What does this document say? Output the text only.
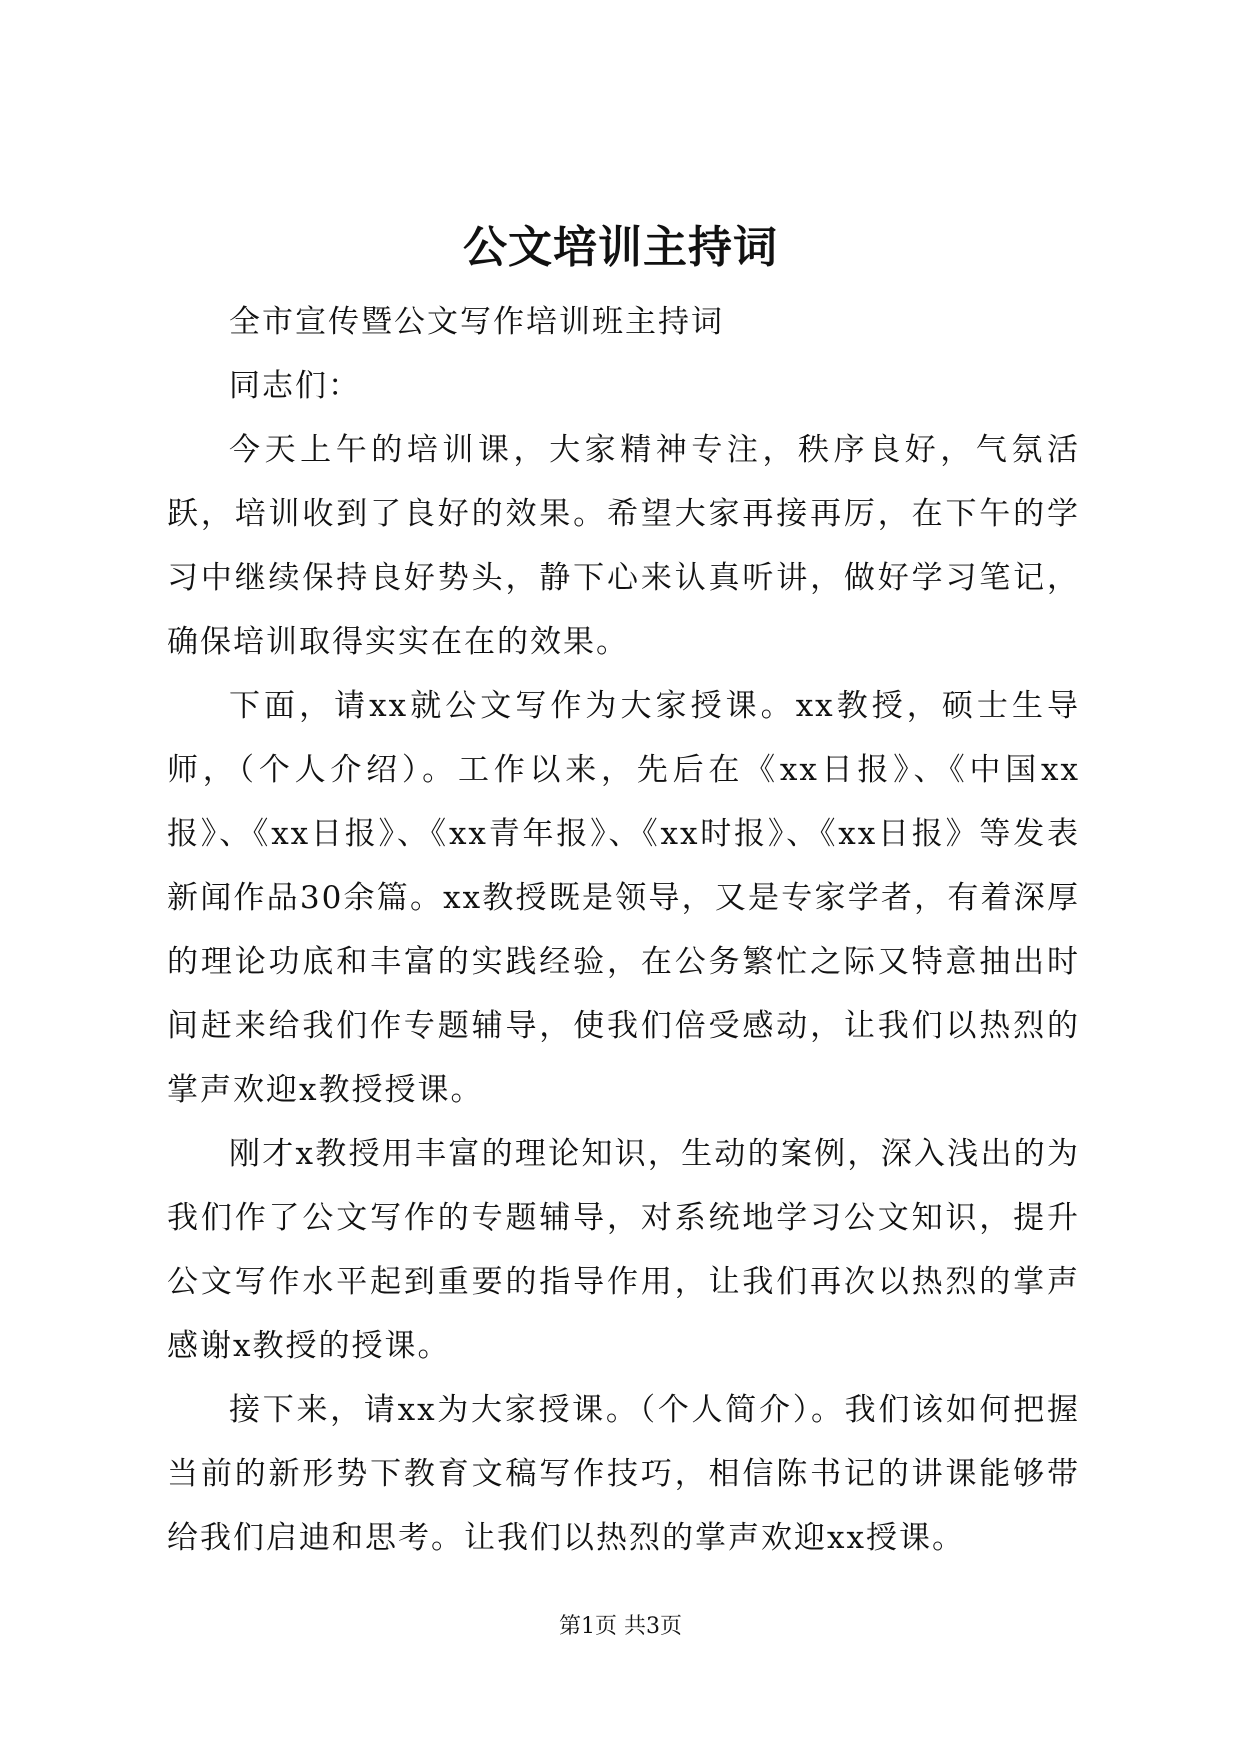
公文培训主持词

全市宣传暨公文写作培训班主持词

同志们：

今天上午的培训课，大家精神专注，秩序良好，气氛活跃，培训收到了良好的效果。希望大家再接再厉，在下午的学习中继续保持良好势头，静下心来认真听讲，做好学习笔记，确保培训取得实实在在的效果。

下面，请xx就公文写作为大家授课。xx教授，硕士生导师，（个人介绍）。工作以来，先后在《xx日报》、《中国xx报》、《xx日报》、《xx青年报》、《xx时报》、《xx日报》等发表新闻作品30余篇。xx教授既是领导，又是专家学者，有着深厚的理论功底和丰富的实践经验，在公务繁忙之际又特意抽出时间赶来给我们作专题辅导，使我们倍受感动，让我们以热烈的掌声欢迎x教授授课。

刚才x教授用丰富的理论知识，生动的案例，深入浅出的为我们作了公文写作的专题辅导，对系统地学习公文知识，提升公文写作水平起到重要的指导作用，让我们再次以热烈的掌声感谢x教授的授课。

接下来，请xx为大家授课。（个人简介）。我们该如何把握当前的新形势下教育文稿写作技巧，相信陈书记的讲课能够带给我们启迪和思考。让我们以热烈的掌声欢迎xx授课。

第1页 共3页
